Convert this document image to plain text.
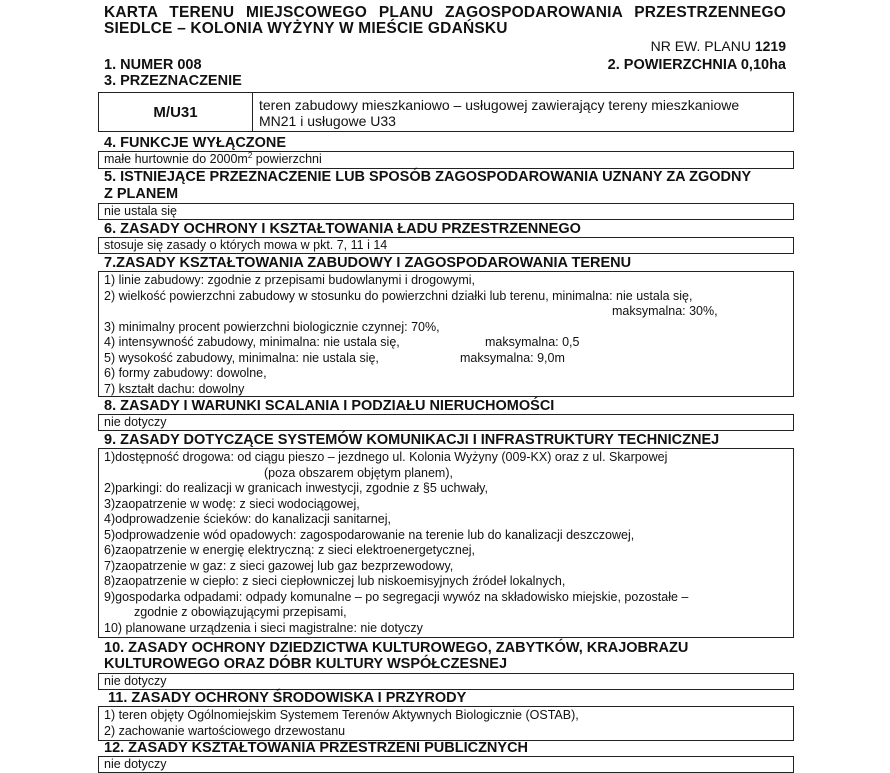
KARTA TERENU MIEJSCOWEGO PLANU ZAGOSPODAROWANIA PRZESTRZENNEGO
SIEDLCE – KOLONIA WYŻYNY W MIEŚCIE GDAŃSKU
NR EW. PLANU 1219
1. NUMER 008	2. POWIERZCHNIA 0,10ha
3. PRZEZNACZENIE
M/U31	teren zabudowy mieszkaniowo – usługowej zawierający tereny mieszkaniowe
MN21 i usługowe U33
4. FUNKCJE WYŁĄCZONE
małe hurtownie do $2000m^2$ powierzchni
5. ISTNIEJĄCE PRZEZNACZENIE LUB SPOSÓB ZAGOSPODAROWANIA UZNANY ZA ZGODNY
Z PLANEM
nie ustala się
6. ZASADY OCHRONY I KSZTAŁTOWANIA ŁADU PRZESTRZENNEGO
stosuje się zasady o których mowa w pkt. 7, 11 i 14
7.ZASADY KSZTAŁTOWANIA ZABUDOWY I ZAGOSPODAROWANIA TERENU
1) linie zabudowy: zgodnie z przepisami budowlanymi i drogowymi,
2) wielkość powierzchni zabudowy w stosunku do powierzchni działki lub terenu, minimalna: nie ustala się,
maksymalna: 30%,
3) minimalny procent powierzchni biologicznie czynnej: 70%,
4) intensywność zabudowy, minimalna: nie ustala się,	maksymalna: 0,5
5) wysokość zabudowy, minimalna: nie ustala się,	maksymalna: 9,0m
6) formy zabudowy: dowolne,
7) kształt dachu: dowolny
8. ZASADY I WARUNKI SCALANIA I PODZIAŁU NIERUCHOMOŚCI
nie dotyczy
9. ZASADY DOTYCZĄCE SYSTEMÓW KOMUNIKACJI I INFRASTRUKTURY TECHNICZNEJ
1)dostępność drogowa: od ciągu pieszo – jezdnego ul. Kolonia Wyżyny (009-KX) oraz z ul. Skarpowej
(poza obszarem objętym planem),
2)parkingi: do realizacji w granicach inwestycji, zgodnie z §5 uchwały,
3)zaopatrzenie w wodę: z sieci wodociągowej,
4)odprowadzenie ścieków: do kanalizacji sanitarnej,
5)odprowadzenie wód opadowych: zagospodarowanie na terenie lub do kanalizacji deszczowej,
6)zaopatrzenie w energię elektryczną: z sieci elektroenergetycznej,
7)zaopatrzenie w gaz: z sieci gazowej lub gaz bezprzewodowy,
8)zaopatrzenie w ciepło: z sieci ciepłowniczej lub niskoemisyjnych źródeł lokalnych,
9)gospodarka odpadami: odpady komunalne – po segregacji wywóz na składowisko miejskie, pozostałe –
zgodnie z obowiązującymi przepisami,
10) planowane urządzenia i sieci magistralne: nie dotyczy
10. ZASADY OCHRONY DZIEDZICTWA KULTUROWEGO, ZABYTKÓW, KRAJOBRAZU
KULTUROWEGO ORAZ DÓBR KULTURY WSPÓŁCZESNEJ
nie dotyczy
11. ZASADY OCHRONY ŚRODOWISKA I PRZYRODY
1) teren objęty Ogólnomiejskim Systemem Terenów Aktywnych Biologicznie (OSTAB),
2) zachowanie wartościowego drzewostanu
12. ZASADY KSZTAŁTOWANIA PRZESTRZENI PUBLICZNYCH
nie dotyczy
